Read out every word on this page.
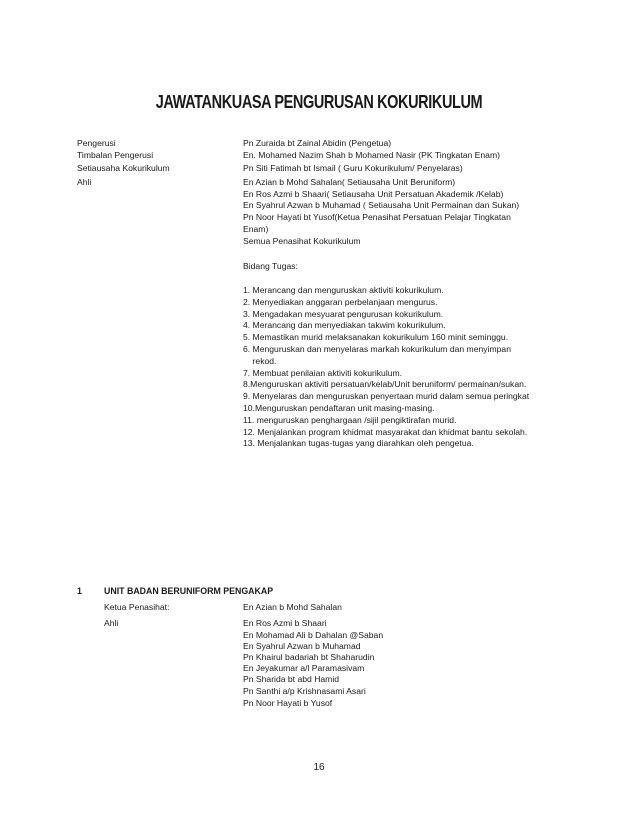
JAWATANKUASA PENGURUSAN KOKURIKULUM
Pengerusi	Pn Zuraida bt Zainal Abidin (Pengetua)
Timbalan Pengerusi	En. Mohamed Nazim Shah b Mohamed Nasir (PK Tingkatan Enam)
Setiausaha Kokurikulum	Pn Siti Fatimah bt Ismail ( Guru Kokurikulum/ Penyelaras)
Ahli	En Azian b Mohd Sahalan( Setiausaha Unit Beruniform)
En Ros Azmi b Shaari( Setiausaha Unit Persatuan Akademik /Kelab)
En Syahrul Azwan b Muhamad ( Setiausaha Unit Permainan dan Sukan)
Pn Noor Hayati bt Yusof(Ketua Penasihat Persatuan Pelajar Tingkatan
Enam)
Semua Penasihat Kokurikulum
Bidang Tugas:
1. Merancang dan menguruskan aktiviti kokurikulum.
2. Menyediakan anggaran perbelanjaan mengurus.
3. Mengadakan mesyuarat pengurusan kokurikulum.
4. Merancang dan menyediakan takwim kokurikulum.
5. Memastikan murid melaksanakan kokurikulum 160 minit seminggu.
6. Menguruskan dan menyelaras markah kokurikulum dan menyimpan
rekod.
7. Membuat penilaian aktiviti kokurikulum.
8.Menguruskan aktiviti persatuan/kelab/Unit beruniform/ permainan/sukan.
9. Menyelaras dan menguruskan penyertaan murid dalam semua peringkat
10.Menguruskan pendaftaran unit masing-masing.
11. menguruskan penghargaan /sijil pengiktirafan murid.
12. Menjalankan program khidmat masyarakat dan khidmat bantu sekolah.
13. Menjalankan tugas-tugas yang diarahkan oleh pengetua.
1	UNIT BADAN BERUNIFORM PENGAKAP
Ketua Penasihat:	En Azian b Mohd Sahalan
Ahli	En Ros Azmi b Shaari
En Mohamad Ali b Dahalan @Saban
En Syahrul Azwan b Muhamad
Pn Khairul badariah bt Shaharudin
En Jeyakumar a/l Paramasivam
Pn Sharida bt abd Hamid
Pn Santhi a/p Krishnasami Asari
Pn Noor Hayati b Yusof
16
